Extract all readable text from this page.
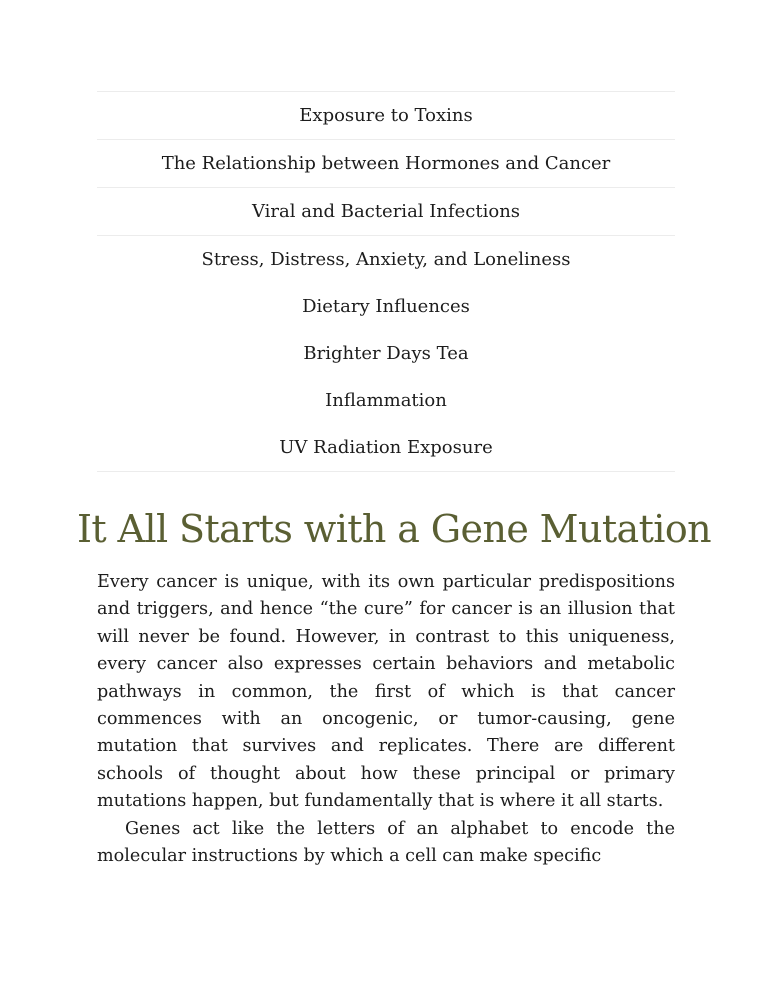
Exposure to Toxins
The Relationship between Hormones and Cancer
Viral and Bacterial Infections
Stress, Distress, Anxiety, and Loneliness
Dietary Influences
Brighter Days Tea
Inflammation
UV Radiation Exposure
It All Starts with a Gene Mutation

Every cancer is unique, with its own particular predispositions and triggers, and hence “the cure” for cancer is an illusion that will never be found. However, in contrast to this uniqueness, every cancer also expresses certain behaviors and metabolic pathways in common, the first of which is that cancer commences with an oncogenic, or tumor-causing, gene mutation that survives and replicates. There are different schools of thought about how these principal or primary mutations happen, but fundamentally that is where it all starts.

Genes act like the letters of an alphabet to encode the molecular instructions by which a cell can make specific
